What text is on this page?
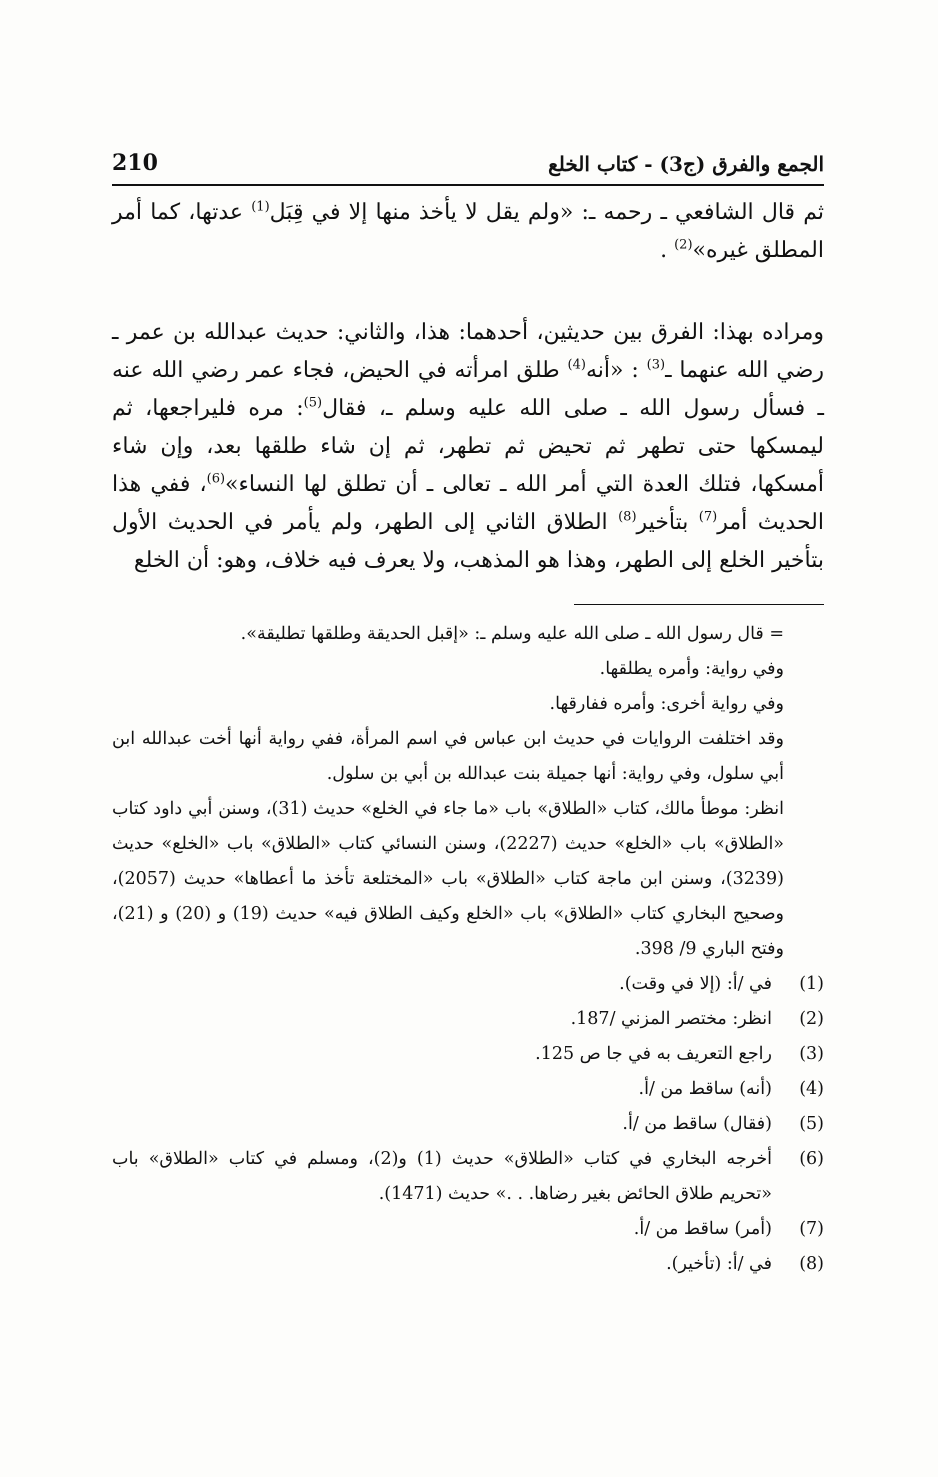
210	الجمع والفرق (ج3) - كتاب الخلع

ثم قال الشافعي ـ رحمه ـ: «ولم يقل لا يأخذ منها إلا في قِبَل$^{(1)}$ عدتها، كما أمر المطلق غيره»$^{(2)}$ .

ومراده بهذا: الفرق بين حديثين، أحدهما: هذا، والثاني: حديث عبدالله بن عمر ـ رضي الله عنهما ـ$^{(3)}$ : «أنه$^{(4)}$ طلق امرأته في الحيض، فجاء عمر رضي الله عنه ـ فسأل رسول الله ـ صلى الله عليه وسلم ـ، فقال$^{(5)}$: مره فليراجعها، ثم ليمسكها حتى تطهر ثم تحيض ثم تطهر، ثم إن شاء طلقها بعد، وإن شاء أمسكها، فتلك العدة التي أمر الله ـ تعالى ـ أن تطلق لها النساء»$^{(6)}$، ففي هذا الحديث أمر$^{(7)}$ بتأخير$^{(8)}$ الطلاق الثاني إلى الطهر، ولم يأمر في الحديث الأول بتأخير الخلع إلى الطهر، وهذا هو المذهب، ولا يعرف فيه خلاف، وهو: أن الخلع

= قال رسول الله ـ صلى الله عليه وسلم ـ: «إقبل الحديقة وطلقها تطليقة».
وفي رواية: وأمره يطلقها.
وفي رواية أخرى: وأمره ففارقها.
وقد اختلفت الروايات في حديث ابن عباس في اسم المرأة، ففي رواية أنها أخت عبدالله ابن أبي سلول، وفي رواية: أنها جميلة بنت عبدالله بن أبي بن سلول.
انظر: موطأ مالك، كتاب «الطلاق» باب «ما جاء في الخلع» حديث (31)، وسنن أبي داود كتاب «الطلاق» باب «الخلع» حديث (2227)، وسنن النسائي كتاب «الطلاق» باب «الخلع» حديث (3239)، وسنن ابن ماجة كتاب «الطلاق» باب «المختلعة تأخذ ما أعطاها» حديث (2057)، وصحيح البخاري كتاب «الطلاق» باب «الخلع وكيف الطلاق فيه» حديث (19) و (20) و (21)، وفتح الباري 9/ 398.
(1)
في /أ: (إلا في وقت).
(2)
انظر: مختصر المزني /187.
(3)
راجع التعريف به في جا ص 125.
(4)
(أنه) ساقط من /أ.
(5)
(فقال) ساقط من /أ.
(6)
أخرجه البخاري في كتاب «الطلاق» حديث (1) و(2)، ومسلم في كتاب «الطلاق» باب «تحريم طلاق الحائض بغير رضاها. . .» حديث (1471).
(7)
(أمر) ساقط من /أ.
(8)
في /أ: (تأخير).
